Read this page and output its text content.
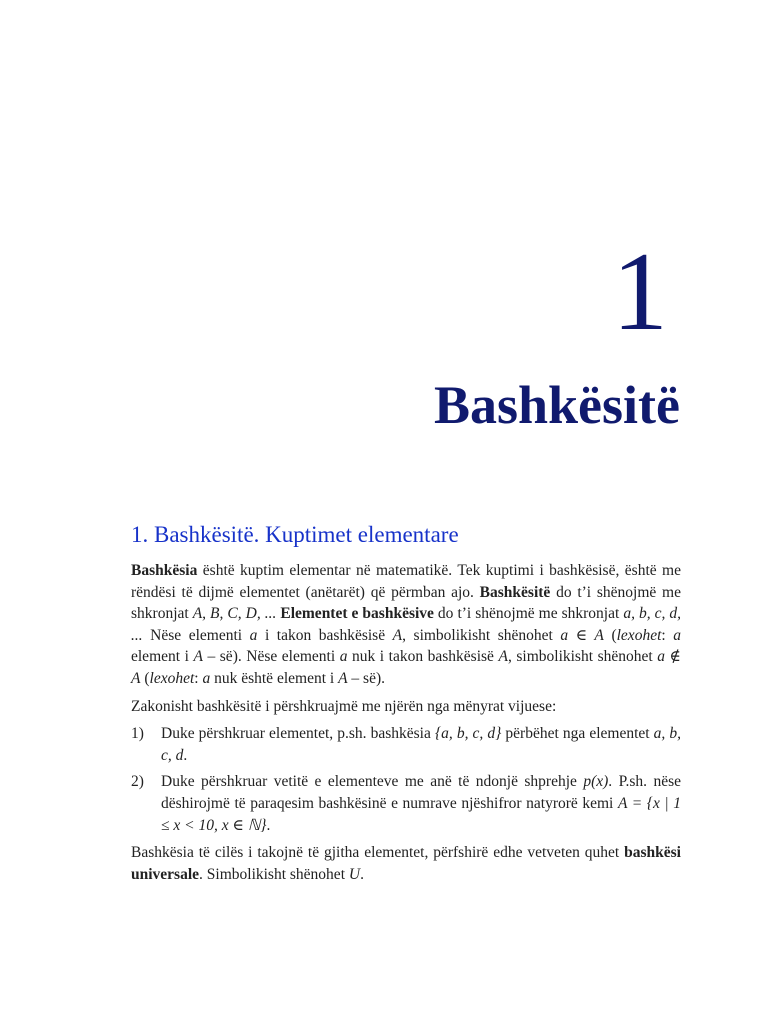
1
Bashkësitë
1. Bashkësitë. Kuptimet elementare

Bashkësia është kuptim elementar në matematikë. Tek kuptimi i bashkësisë, është me rëndësi të dijmë elementet (anëtarët) që përmban ajo. Bashkësitë do t’i shënojmë me shkronjat A, B, C, D, ... Elementet e bashkësive do t’i shënojmë me shkronjat a, b, c, d, ... Nëse elementi a i takon bashkësisë A, simbolikisht shënohet a ∈ A (lexohet: a element i A – së). Nëse elementi a nuk i takon bashkësisë A, simbolikisht shënohet a ∉ A (lexohet: a nuk është element i A – së).

Zakonisht bashkësitë i përshkruajmë me njërën nga mënyrat vijuese:

1)	Duke përshkruar elementet, p.sh. bashkësia {a, b, c, d} përbëhet nga elementet a, b, c, d.
2)	Duke përshkruar vetitë e elementeve me anë të ndonjë shprehje p(x). P.sh. nëse dëshirojmë të paraqesim bashkësinë e numrave njëshifror natyrorë kemi A = {x | 1 ≤ x < 10, x ∈ ℕ}.

Bashkësia të cilës i takojnë të gjitha elementet, përfshirë edhe vetveten quhet bashkësi universale. Simbolikisht shënohet U.
